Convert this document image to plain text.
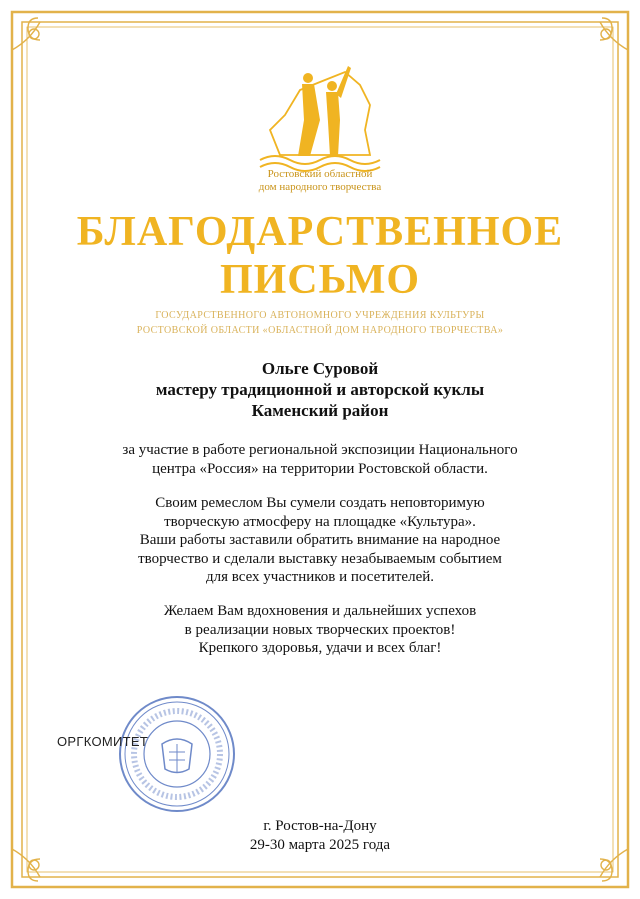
Ростовский областной
дом народного творчества
БЛАГОДАРСТВЕННОЕ
ПИСЬМО
ГОСУДАРСТВЕННОГО АВТОНОМНОГО УЧРЕЖДЕНИЯ КУЛЬТУРЫ
РОСТОВСКОЙ ОБЛАСТИ «ОБЛАСТНОЙ ДОМ НАРОДНОГО ТВОРЧЕСТВА»
Ольге Суровой
мастеру традиционной и авторской куклы
Каменский район
за участие в работе региональной экспозиции Национального
центра «Россия» на территории Ростовской области.
Своим ремеслом Вы сумели создать неповторимую
творческую атмосферу на площадке «Культура».
Ваши работы заставили обратить внимание на народное
творчество и сделали выставку незабываемым событием
для всех участников и посетителей.
Желаем Вам вдохновения и дальнейших успехов
в реализации новых творческих проектов!
Крепкого здоровья, удачи и всех благ!
ОРГКОМИТЕТ
г. Ростов-на-Дону
29-30 марта 2025 года
